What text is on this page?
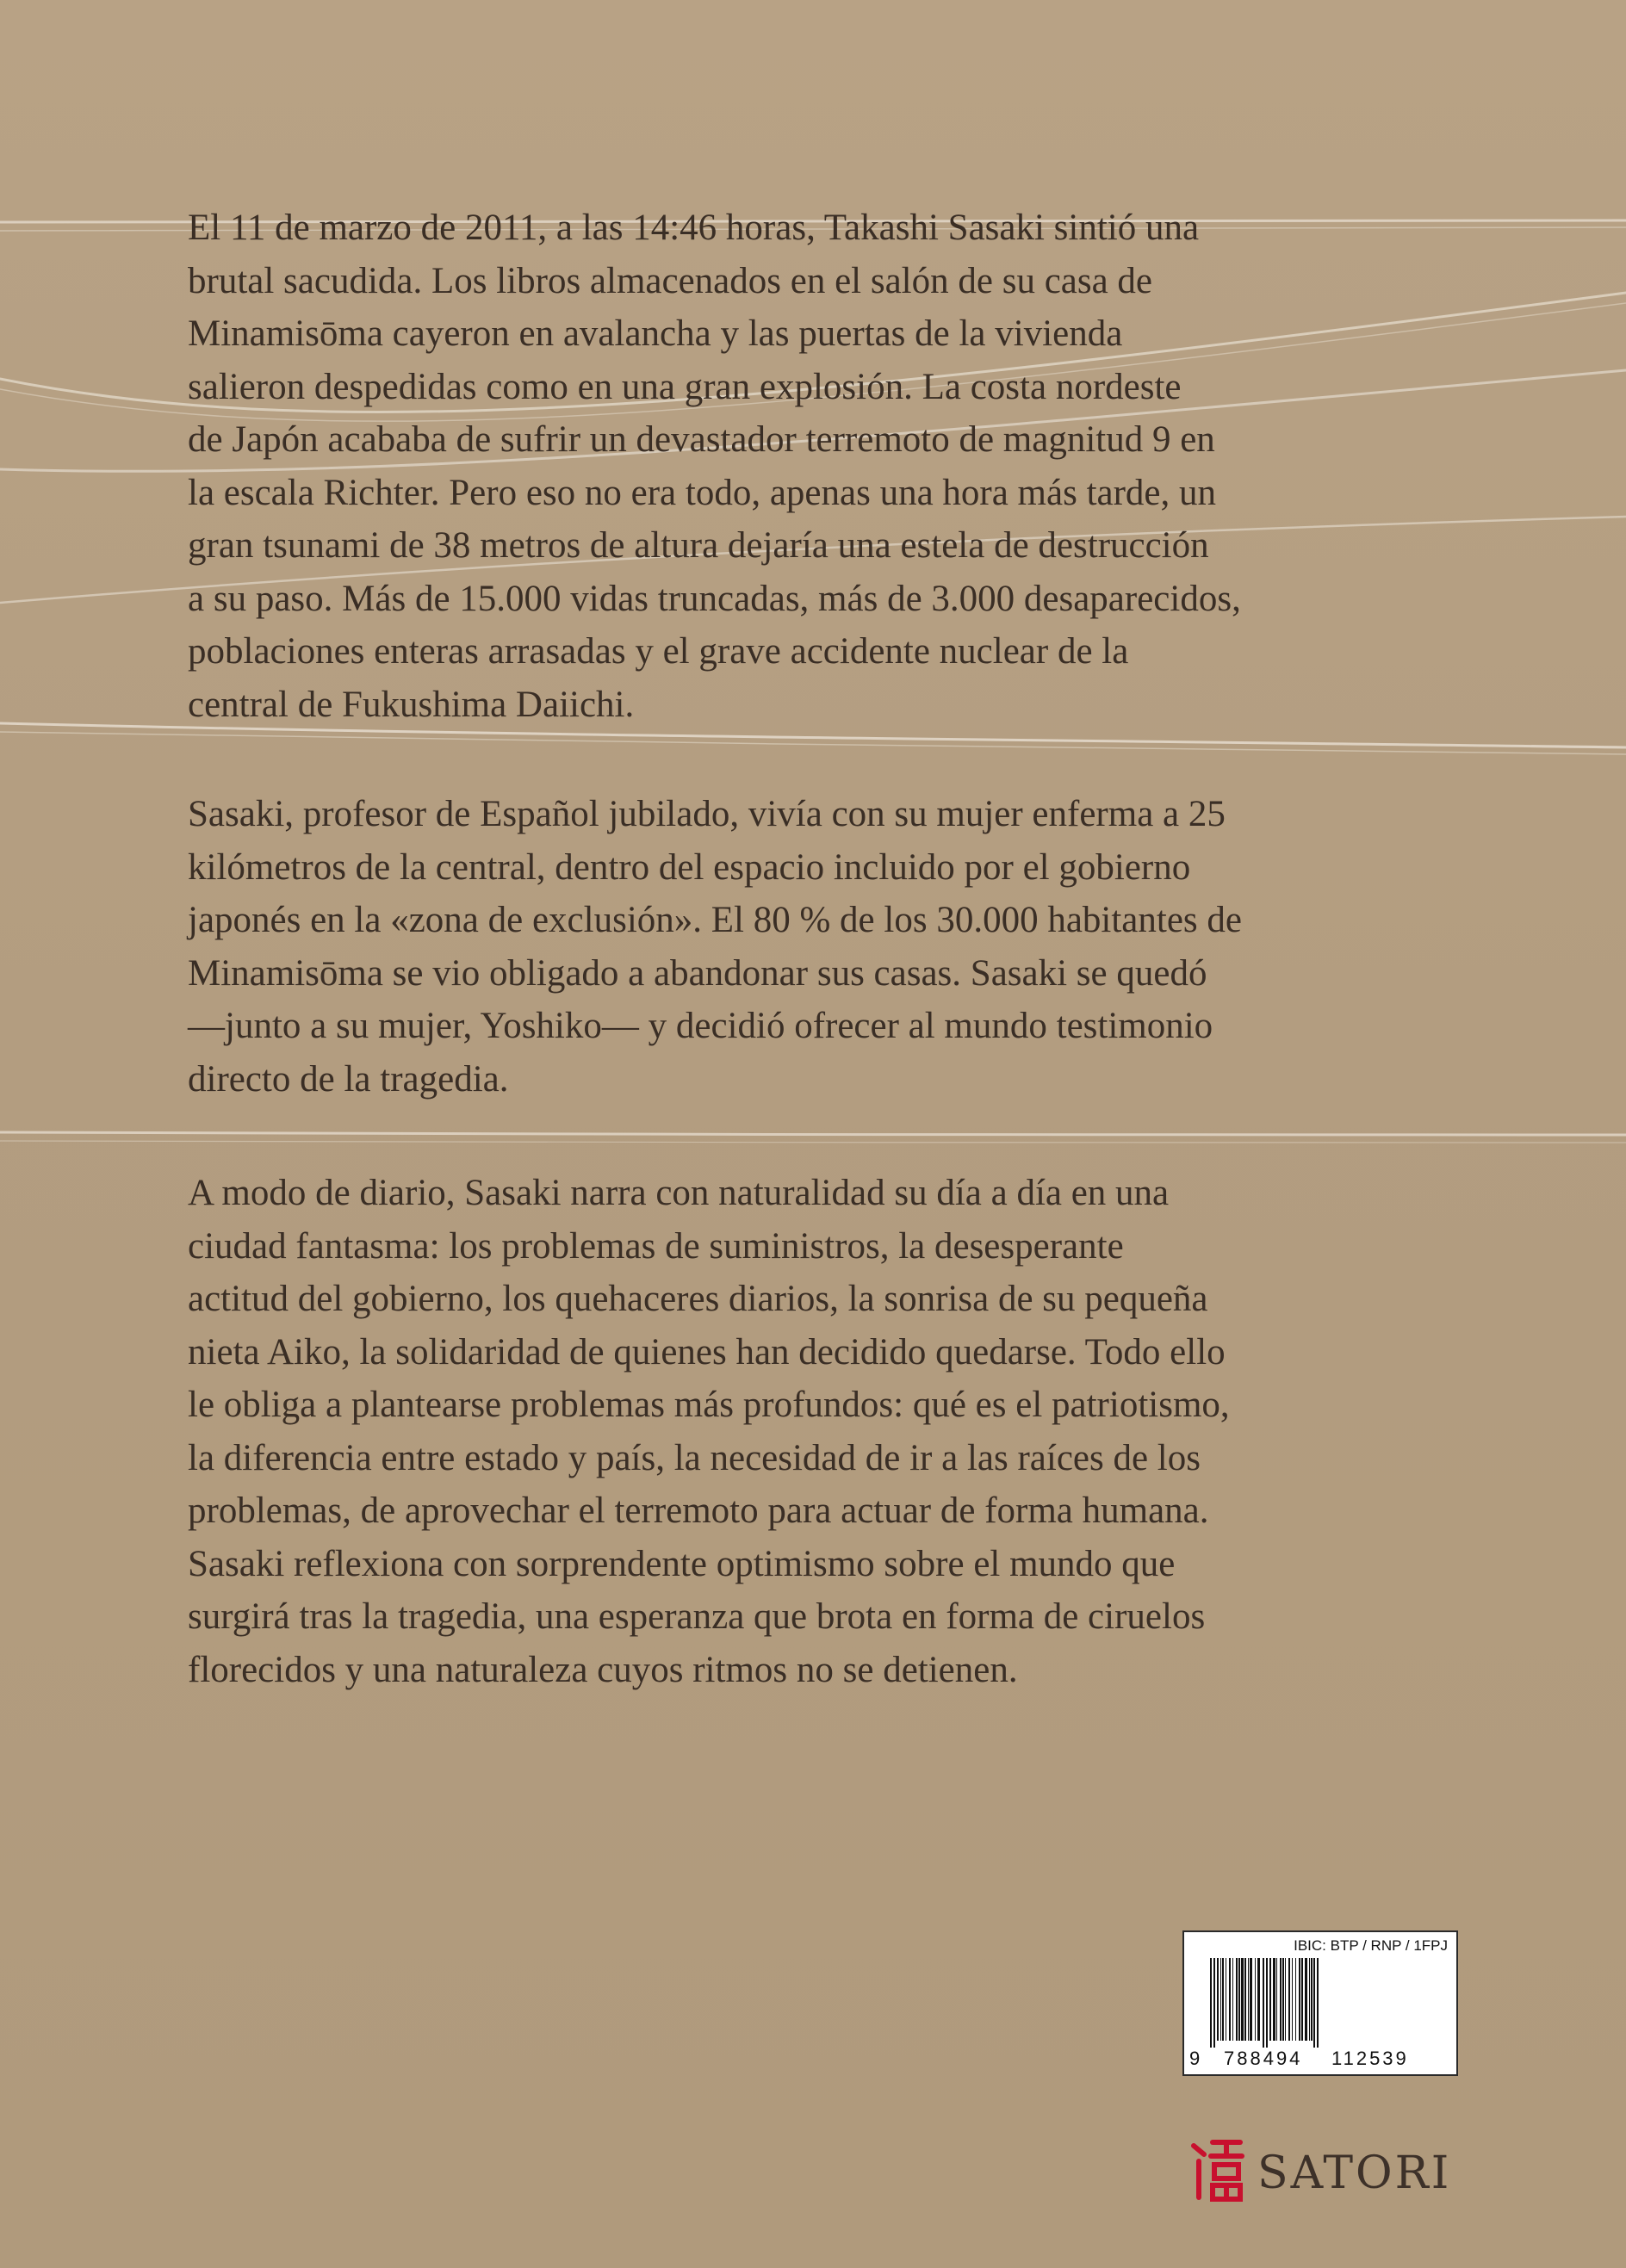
El 11 de marzo de 2011, a las 14:46 horas, Takashi Sasaki sintió una
brutal sacudida. Los libros almacenados en el salón de su casa de
Minamisōma cayeron en avalancha y las puertas de la vivienda
salieron despedidas como en una gran explosión. La costa nordeste
de Japón acababa de sufrir un devastador terremoto de magnitud 9 en
la escala Richter. Pero eso no era todo, apenas una hora más tarde, un
gran tsunami de 38 metros de altura dejaría una estela de destrucción
a su paso. Más de 15.000 vidas truncadas, más de 3.000 desaparecidos,
poblaciones enteras arrasadas y el grave accidente nuclear de la
central de Fukushima Daiichi.

Sasaki, profesor de Español jubilado, vivía con su mujer enferma a 25
kilómetros de la central, dentro del espacio incluido por el gobierno
japonés en la «zona de exclusión». El 80 % de los 30.000 habitantes de
Minamisōma se vio obligado a abandonar sus casas. Sasaki se quedó
—junto a su mujer, Yoshiko— y decidió ofrecer al mundo testimonio
directo de la tragedia.

A modo de diario, Sasaki narra con naturalidad su día a día en una
ciudad fantasma: los problemas de suministros, la desesperante
actitud del gobierno, los quehaceres diarios, la sonrisa de su pequeña
nieta Aiko, la solidaridad de quienes han decidido quedarse. Todo ello
le obliga a plantearse problemas más profundos: qué es el patriotismo,
la diferencia entre estado y país, la necesidad de ir a las raíces de los
problemas, de aprovechar el terremoto para actuar de forma humana.
Sasaki reflexiona con sorprendente optimismo sobre el mundo que
surgirá tras la tragedia, una esperanza que brota en forma de ciruelos
florecidos y una naturaleza cuyos ritmos no se detienen.

IBIC: BTP / RNP / 1FPJ
9 788494 112539
SATORI
